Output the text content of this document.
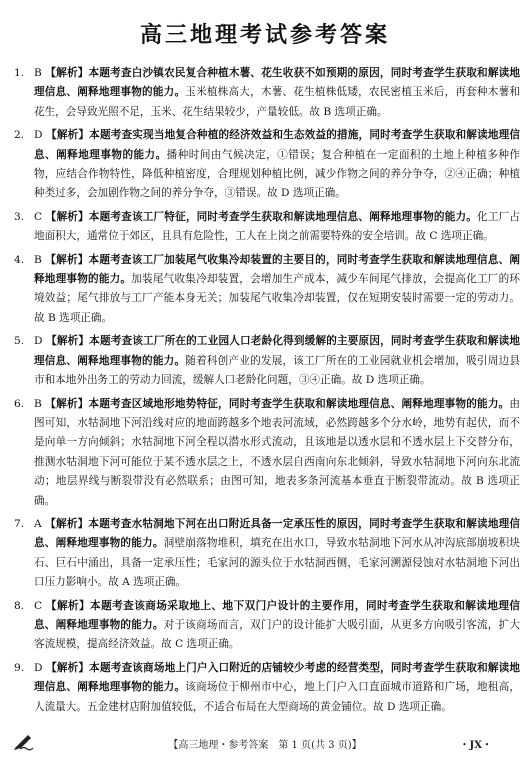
高三地理考试参考答案
1. B 【解析】本题考查白沙镇农民复合种植木薯、花生收获不如预期的原因，同时考查学生获取和解读地理信息、阐释地理事物的能力。玉米植株高大，木薯、花生植株低矮，农民密植玉米后，再套种木薯和花生，会导致光照不足，玉米、花生结果较少，产量较低。故 B 选项正确。
2. D 【解析】本题考查实现当地复合种植的经济效益和生态效益的措施，同时考查学生获取和解读地理信息、阐释地理事物的能力。播种时间由气候决定，①错误；复合种植在一定面积的土地上种植多种作物，应结合作物特性，降低种植密度，合理规划种植比例，减少作物之间的养分争夺，②④正确；种植种类过多，会加剧作物之间的养分争夺，③错误。故 D 选项正确。
3. C 【解析】本题考查该工厂特征，同时考查学生获取和解读地理信息、阐释地理事物的能力。化工厂占地面积大，通常位于郊区，且具有危险性，工人在上岗之前需要特殊的安全培训。故 C 选项正确。
4. B 【解析】本题考查该工厂加装尾气收集冷却装置的主要目的，同时考查学生获取和解读地理信息、阐释地理事物的能力。加装尾气收集冷却装置，会增加生产成本，减少车间尾气排放，会提高化工厂的环境效益；尾气排放与工厂产能本身无关；加装尾气收集冷却装置，仅在短期安装时需要一定的劳动力。故 B 选项正确。
5. D 【解析】本题考查该工厂所在的工业园人口老龄化得到缓解的主要原因，同时考查学生获取和解读地理信息、阐释地理事物的能力。随着科创产业的发展，该工厂所在的工业园就业机会增加，吸引周边县市和本地外出务工的劳动力回流，缓解人口老龄化问题，③④正确。故 D 选项正确。
6. B 【解析】本题考查区域地形地势特征，同时考查学生获取和解读地理信息、阐释地理事物的能力。由图可知，水牯洞地下河沿线对应的地面跨越多个地表河流域，必然跨越多个分水岭，地势有起伏，而不是向单一方向倾斜；水牯洞地下河全程以潜水形式流动，且该地是以透水层和不透水层上下交替分布，推测水牯洞地下河可能位于某不透水层之上，不透水层自西南向东北倾斜，导致水牯洞地下河向东北流动；地层界线与断裂带没有必然联系；由图可知，地表多条河流基本垂直于断裂带流动。故 B 选项正确。
7. A 【解析】本题考查水牯洞地下河在出口附近具备一定承压性的原因，同时考查学生获取和解读地理信息、阐释地理事物的能力。洞壁崩落物堆积，填充在出水口，导致水牯洞地下河水从冲沟底部崩坡积块石、巨石中涌出，具备一定承压性；毛家河的源头位于水牯洞西侧，毛家河溯源侵蚀对水牯洞地下河出口压力影响小。故 A 选项正确。
8. C 【解析】本题考查该商场采取地上、地下双门户设计的主要作用，同时考查学生获取和解读地理信息、阐释地理事物的能力。对于该商场而言，双门户的设计能扩大吸引面，从更多方向吸引客流，扩大客流规模，提高经济效益。故 C 选项正确。
9. D 【解析】本题考查该商场地上门户入口附近的店铺较少考虑的经营类型，同时考查学生获取和解读地理信息、阐释地理事物的能力。该商场位于柳州市中心，地上门户入口直面城市道路和广场，地租高，人流量大。五金建材店附加值较低，不适合布局在大型商场的黄金铺位。故 D 选项正确。
【高三地理・参考答案　第 1 页(共 3 页)】	・JX・
